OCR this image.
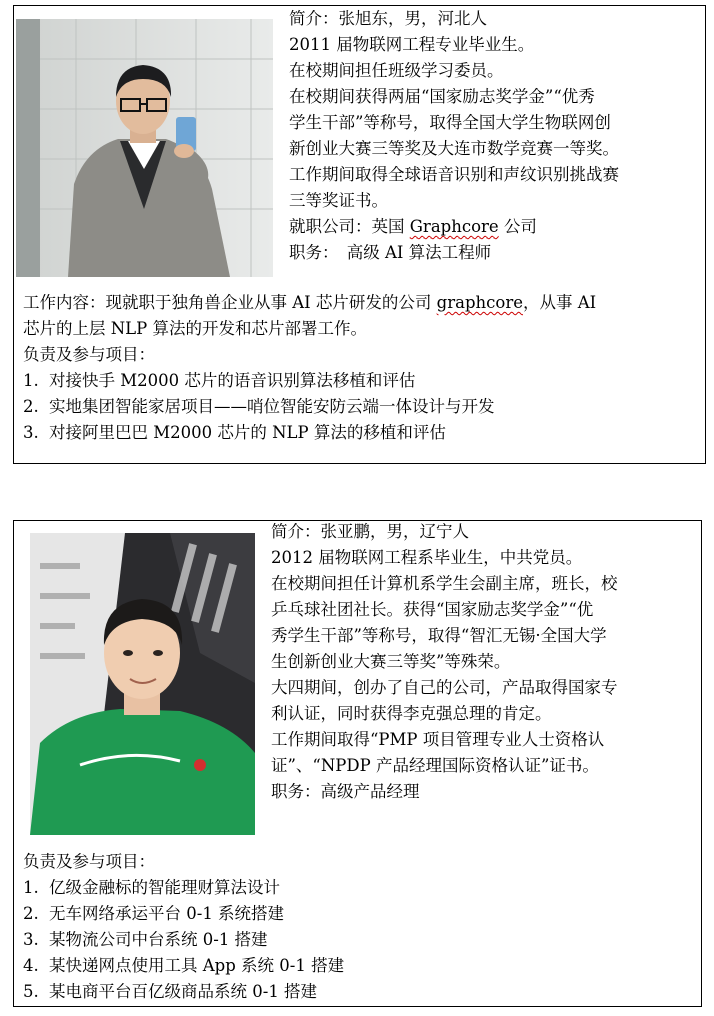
简介：张旭东，男，河北人
2011 届物联网工程专业毕业生。
在校期间担任班级学习委员。
在校期间获得两届“国家励志奖学金”“优秀
学生干部”等称号，取得全国大学生物联网创
新创业大赛三等奖及大连市数学竞赛一等奖。
工作期间取得全球语音识别和声纹识别挑战赛
三等奖证书。
就职公司：英国 Graphcore 公司
职务：　高级 AI 算法工程师
工作内容：现就职于独角兽企业从事 AI 芯片研发的公司 graphcore，从事 AI
芯片的上层 NLP 算法的开发和芯片部署工作。
负责及参与项目：
1. 对接快手 M2000 芯片的语音识别算法移植和评估
2. 实地集团智能家居项目——哨位智能安防云端一体设计与开发
3. 对接阿里巴巴 M2000 芯片的 NLP 算法的移植和评估
简介：张亚鹏，男，辽宁人
2012 届物联网工程系毕业生，中共党员。
在校期间担任计算机系学生会副主席，班长，校
乒乓球社团社长。获得“国家励志奖学金”“优
秀学生干部”等称号，取得“智汇无锡·全国大学
生创新创业大赛三等奖”等殊荣。
大四期间，创办了自己的公司，产品取得国家专
利认证，同时获得李克强总理的肯定。
工作期间取得“PMP 项目管理专业人士资格认
证”、“NPDP 产品经理国际资格认证”证书。
职务：高级产品经理
负责及参与项目：
1. 亿级金融标的智能理财算法设计
2. 无车网络承运平台 0-1 系统搭建
3. 某物流公司中台系统 0-1 搭建
4. 某快递网点使用工具 App 系统 0-1 搭建
5. 某电商平台百亿级商品系统 0-1 搭建
